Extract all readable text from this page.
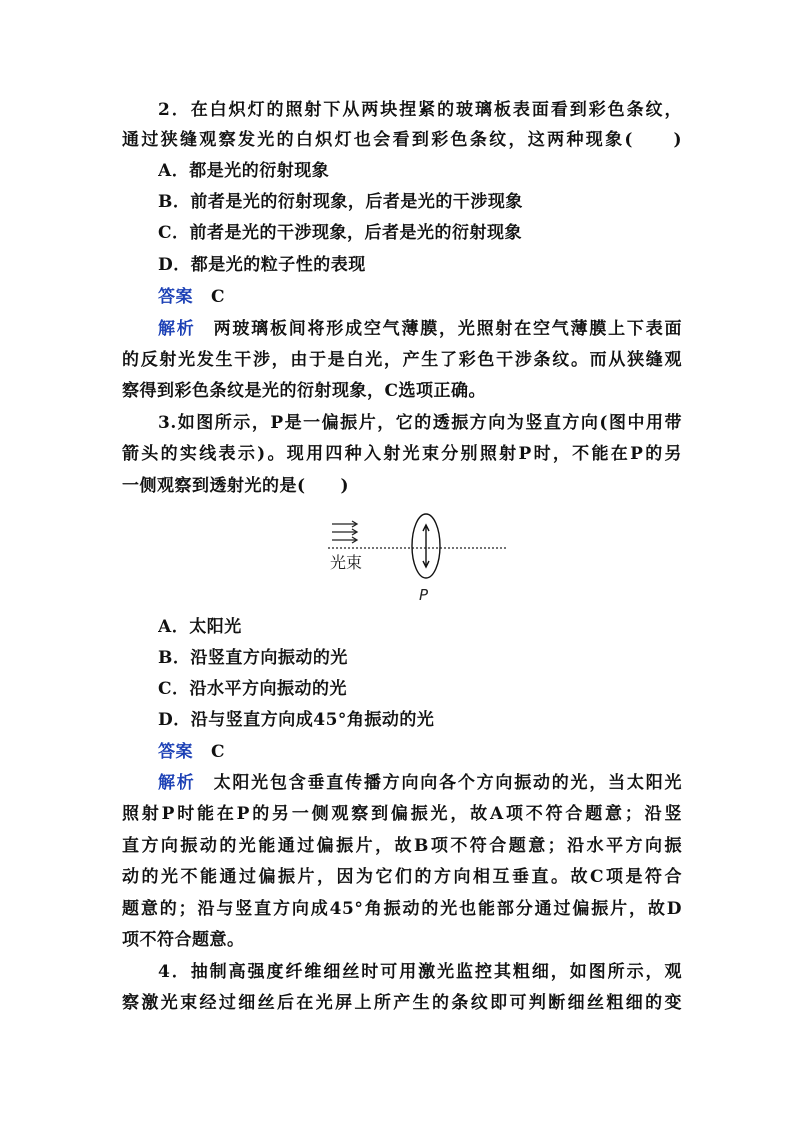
2．在白炽灯的照射下从两块捏紧的玻璃板表面看到彩色条纹，
通过狭缝观察发光的白炽灯也会看到彩色条纹，这两种现象(　　)
A．都是光的衍射现象
B．前者是光的衍射现象，后者是光的干涉现象
C．前者是光的干涉现象，后者是光的衍射现象
D．都是光的粒子性的表现
答案 C
解析 两玻璃板间将形成空气薄膜，光照射在空气薄膜上下表面
的反射光发生干涉，由于是白光，产生了彩色干涉条纹。而从狭缝观
察得到彩色条纹是光的衍射现象，C选项正确。
3.如图所示，P是一偏振片，它的透振方向为竖直方向(图中用带
箭头的实线表示)。现用四种入射光束分别照射P时，不能在P的另
一侧观察到透射光的是(　　)
光束
P
A．太阳光
B．沿竖直方向振动的光
C．沿水平方向振动的光
D．沿与竖直方向成45°角振动的光
答案 C
解析 太阳光包含垂直传播方向向各个方向振动的光，当太阳光
照射P时能在P的另一侧观察到偏振光，故A项不符合题意；沿竖
直方向振动的光能通过偏振片，故B项不符合题意；沿水平方向振
动的光不能通过偏振片，因为它们的方向相互垂直。故C项是符合
题意的；沿与竖直方向成45°角振动的光也能部分通过偏振片，故D
项不符合题意。
4．抽制高强度纤维细丝时可用激光监控其粗细，如图所示，观
察激光束经过细丝后在光屏上所产生的条纹即可判断细丝粗细的变
